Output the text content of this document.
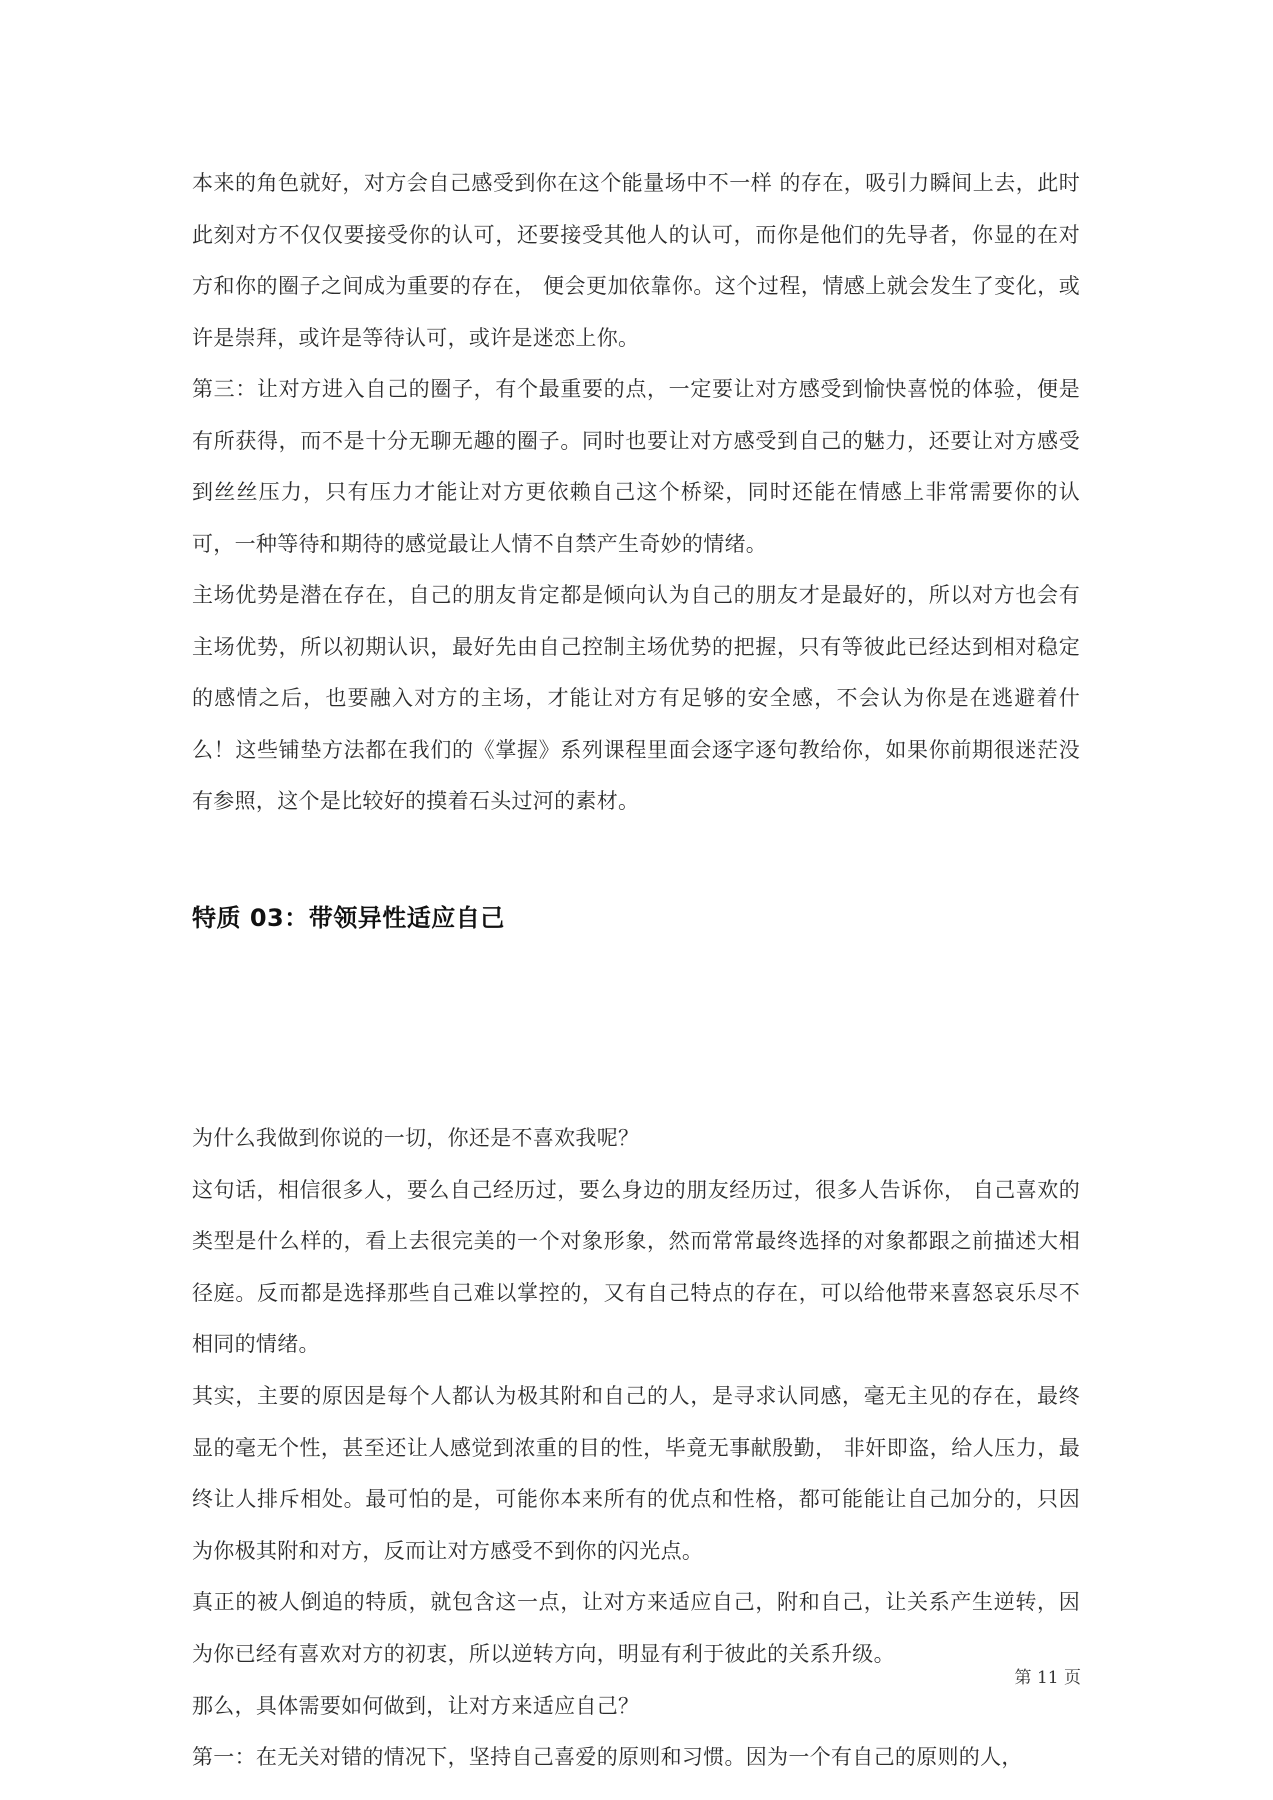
本来的角色就好，对方会自己感受到你在这个能量场中不一样 的存在，吸引力瞬间上去，此时此刻对方不仅仅要接受你的认可，还要接受其他人的认可，而你是他们的先导者，你显的在对方和你的圈子之间成为重要的存在， 便会更加依靠你。这个过程，情感上就会发生了变化，或许是崇拜，或许是等待认可，或许是迷恋上你。

第三：让对方进入自己的圈子，有个最重要的点，一定要让对方感受到愉快喜悦的体验，便是有所获得，而不是十分无聊无趣的圈子。同时也要让对方感受到自己的魅力，还要让对方感受到丝丝压力，只有压力才能让对方更依赖自己这个桥梁，同时还能在情感上非常需要你的认可，一种等待和期待的感觉最让人情不自禁产生奇妙的情绪。

主场优势是潜在存在，自己的朋友肯定都是倾向认为自己的朋友才是最好的，所以对方也会有主场优势，所以初期认识，最好先由自己控制主场优势的把握，只有等彼此已经达到相对稳定的感情之后，也要融入对方的主场，才能让对方有足够的安全感，不会认为你是在逃避着什么！这些铺垫方法都在我们的《掌握》系列课程里面会逐字逐句教给你，如果你前期很迷茫没有参照，这个是比较好的摸着石头过河的素材。

特质 03：带领异性适应自己

为什么我做到你说的一切，你还是不喜欢我呢？

这句话，相信很多人，要么自己经历过，要么身边的朋友经历过，很多人告诉你， 自己喜欢的类型是什么样的，看上去很完美的一个对象形象，然而常常最终选择的对象都跟之前描述大相径庭。反而都是选择那些自己难以掌控的，又有自己特点的存在，可以给他带来喜怒哀乐尽不相同的情绪。

其实，主要的原因是每个人都认为极其附和自己的人，是寻求认同感，毫无主见的存在，最终显的毫无个性，甚至还让人感觉到浓重的目的性，毕竟无事献殷勤， 非奸即盗，给人压力，最终让人排斥相处。最可怕的是，可能你本来所有的优点和性格，都可能能让自己加分的，只因为你极其附和对方，反而让对方感受不到你的闪光点。

真正的被人倒追的特质，就包含这一点，让对方来适应自己，附和自己，让关系产生逆转，因为你已经有喜欢对方的初衷，所以逆转方向，明显有利于彼此的关系升级。

那么，具体需要如何做到，让对方来适应自己？

第一：在无关对错的情况下，坚持自己喜爱的原则和习惯。因为一个有自己的原则的人，

第 11 页
